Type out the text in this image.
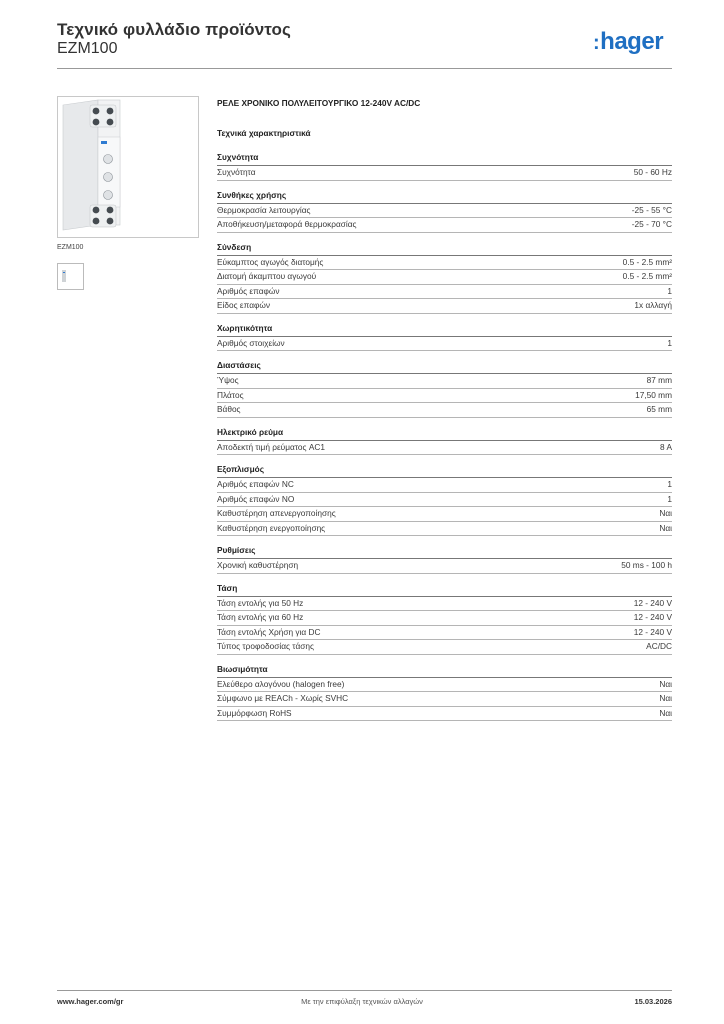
Τεχνικό φυλλάδιο προϊόντος
EZM100	:hager
EZM100
ΡΕΛΕ ΧΡΟΝΙΚΟ ΠΟΛΥΛΕΙΤΟΥΡΓΙΚΟ 12-240V AC/DC
Τεχνικά χαρακτηριστικά
Συχνότητα
Συχνότητα	50 - 60 Hz
Συνθήκες χρήσης
Θερμοκρασία λειτουργίας	-25 - 55 °C
Αποθήκευση/μεταφορά θερμοκρασίας	-25 - 70 °C
Σύνδεση
Εύκαμπτος αγωγός διατομής	0.5 - 2.5 mm²
Διατομή άκαμπτου αγωγού	0.5 - 2.5 mm²
Αριθμός επαφών	1
Είδος επαφών	1x αλλαγή
Χωρητικότητα
Αριθμός στοιχείων	1
Διαστάσεις
Ύψος	87 mm
Πλάτος	17,50 mm
Βάθος	65 mm
Ηλεκτρικό ρεύμα
Αποδεκτή τιμή ρεύματος AC1	8 A
Εξοπλισμός
Αριθμός επαφών NC	1
Αριθμός επαφών NO	1
Καθυστέρηση απενεργοποίησης	Ναι
Καθυστέρηση ενεργοποίησης	Ναι
Ρυθμίσεις
Χρονική καθυστέρηση	50 ms - 100 h
Τάση
Τάση εντολής για 50 Hz	12 - 240 V
Τάση εντολής για 60 Hz	12 - 240 V
Τάση εντολής Χρήση για DC	12 - 240 V
Τύπος τροφοδοσίας τάσης	AC/DC
Βιωσιμότητα
Ελεύθερο αλογόνου (halogen free)	Ναι
Σύμφωνο με REACh - Χωρίς SVHC	Ναι
Συμμόρφωση RoHS	Ναι
www.hager.com/gr	Με την επιφύλαξη τεχνικών αλλαγών	15.03.2026
